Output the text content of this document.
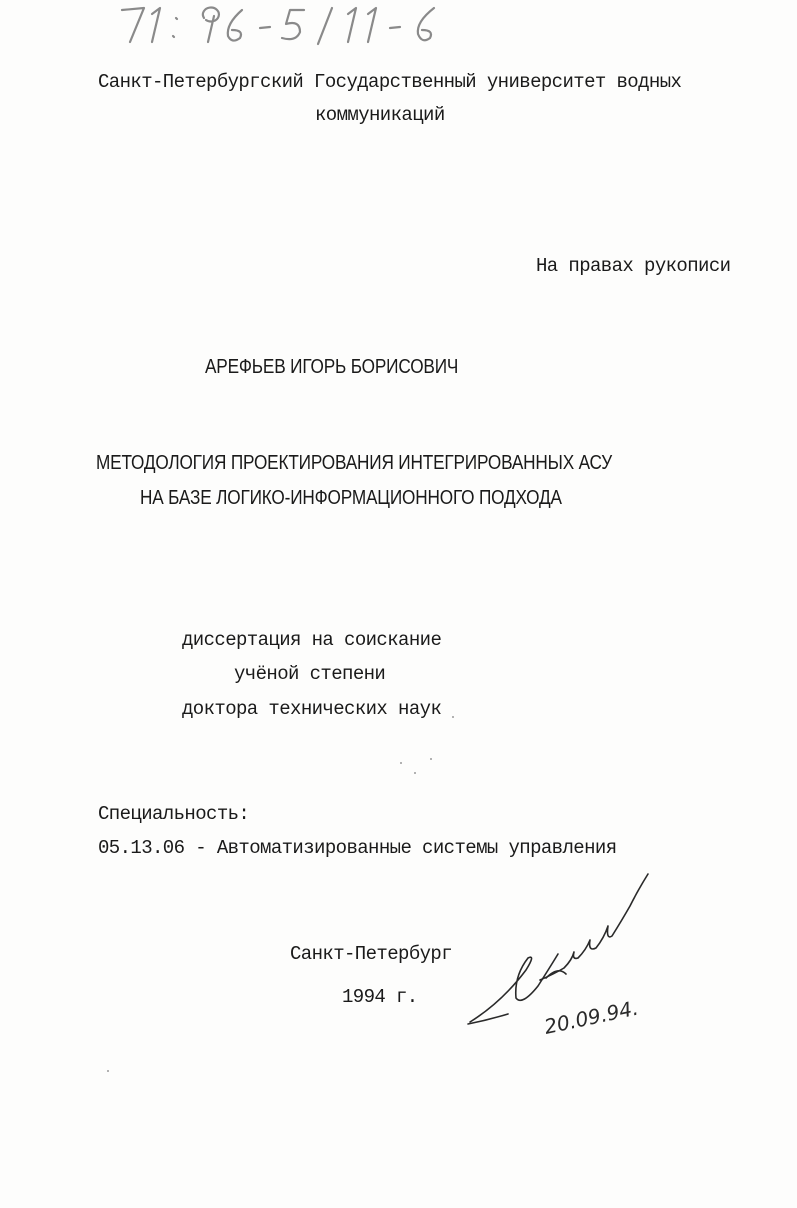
Санкт-Петербургский Государственный университет водных
коммуникаций
На правах рукописи
АРЕФЬЕВ ИГОРЬ БОРИСОВИЧ
МЕТОДОЛОГИЯ ПРОЕКТИРОВАНИЯ ИНТЕГРИРОВАННЫХ АСУ
НА БАЗЕ ЛОГИКО-ИНФОРМАЦИОННОГО ПОДХОДА
диссертация на соискание
учёной степени
доктора технических наук
Специальность:
05.13.06 - Автоматизированные системы управления
Санкт-Петербург
1994 г.	20.09.94.
